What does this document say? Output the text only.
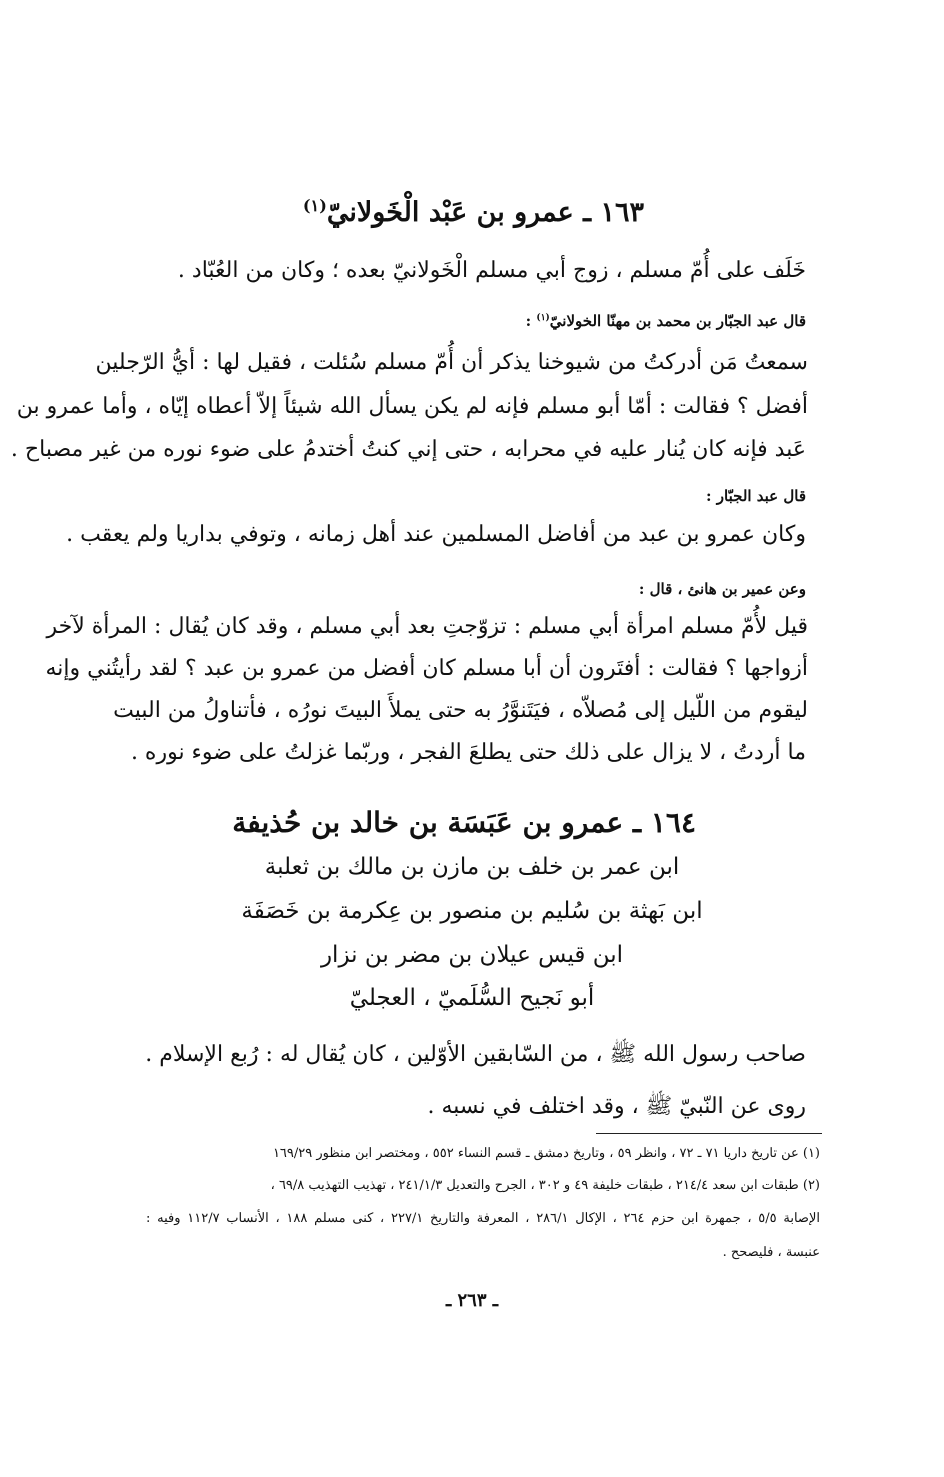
١٦٣ ـ عمرو بن عَبْد الْخَولانيّ$^{(١)}$
خَلَف على أُمّ مسلم ، زوج أبي مسلم الْخَولانيّ بعده ؛ وكان من العُبّاد .
قال عبد الجبّار بن محمد بن مهنّا الخولانيّ$^{(١)}$ :
سمعتُ مَن أدركتُ من شيوخنا يذكر أن أُمّ مسلم سُئلت ، فقيل لها : أيُّ الرّجلين
أفضل ؟ فقالت : أمّا أبو مسلم فإنه لم يكن يسأل الله شيئاً إلاّ أعطاه إيّاه ، وأما عمرو بن
عَبد فإنه كان يُنار عليه في محرابه ، حتى إني كنتُ أختدمُ على ضوء نوره من غير مصباح .
قال عبد الجبّار :
وكان عمرو بن عبد من أفاضل المسلمين عند أهل زمانه ، وتوفي بداريا ولم يعقب .
وعن عمير بن هانئ ، قال :
قيل لأُمّ مسلم امرأة أبي مسلم : تزوّجتِ بعد أبي مسلم ، وقد كان يُقال : المرأة لآخر
أزواجها ؟ فقالت : أفتَرون أن أبا مسلم كان أفضل من عمرو بن عبد ؟ لقد رأيتُني وإنه
ليقوم من اللّيل إلى مُصلاّه ، فيَتَنوَّرُ به حتى يملأَ البيتَ نورُه ، فأتناولُ من البيت
ما أردتُ ، لا يزال على ذلك حتى يطلعَ الفجر ، وربّما غزلتُ على ضوء نوره .
١٦٤ ـ عمرو بن عَبَسَة بن خالد بن حُذيفة
ابن عمر بن خلف بن مازن بن مالك بن ثعلبة
ابن بَهثة بن سُليم بن منصور بن عِكرمة بن خَصَفَة
ابن قيس عيلان بن مضر بن نزار
أبو نَجيح السُّلَميّ ، العجليّ
صاحب رسول الله ﷺ ، من السّابقين الأوّلين ، كان يُقال له : رُبع الإسلام .
روى عن النّبيّ ﷺ ، وقد اختلف في نسبه .
(١) عن تاريخ داريا ٧١ ـ ٧٢ ، وانظر ٥٩ ، وتاريخ دمشق ـ قسم النساء ٥٥٢ ، ومختصر ابن منظور ١٦٩/٢٩
(٢) طبقات ابن سعد ٢١٤/٤ ، طبقات خليفة ٤٩ و ٣٠٢ ، الجرح والتعديل ٢٤١/١/٣ ، تهذيب التهذيب ٦٩/٨ ،
الإصابة ٥/٥ ، جمهرة ابن حزم ٢٦٤ ، الإكال ٢٨٦/١ ، المعرفة والتاريخ ٢٢٧/١ ، كنى مسلم ١٨٨ ، الأنساب ١١٢/٧ وفيه :
عنبسة ، فليصحح .
ـ ٢٦٣ ـ
